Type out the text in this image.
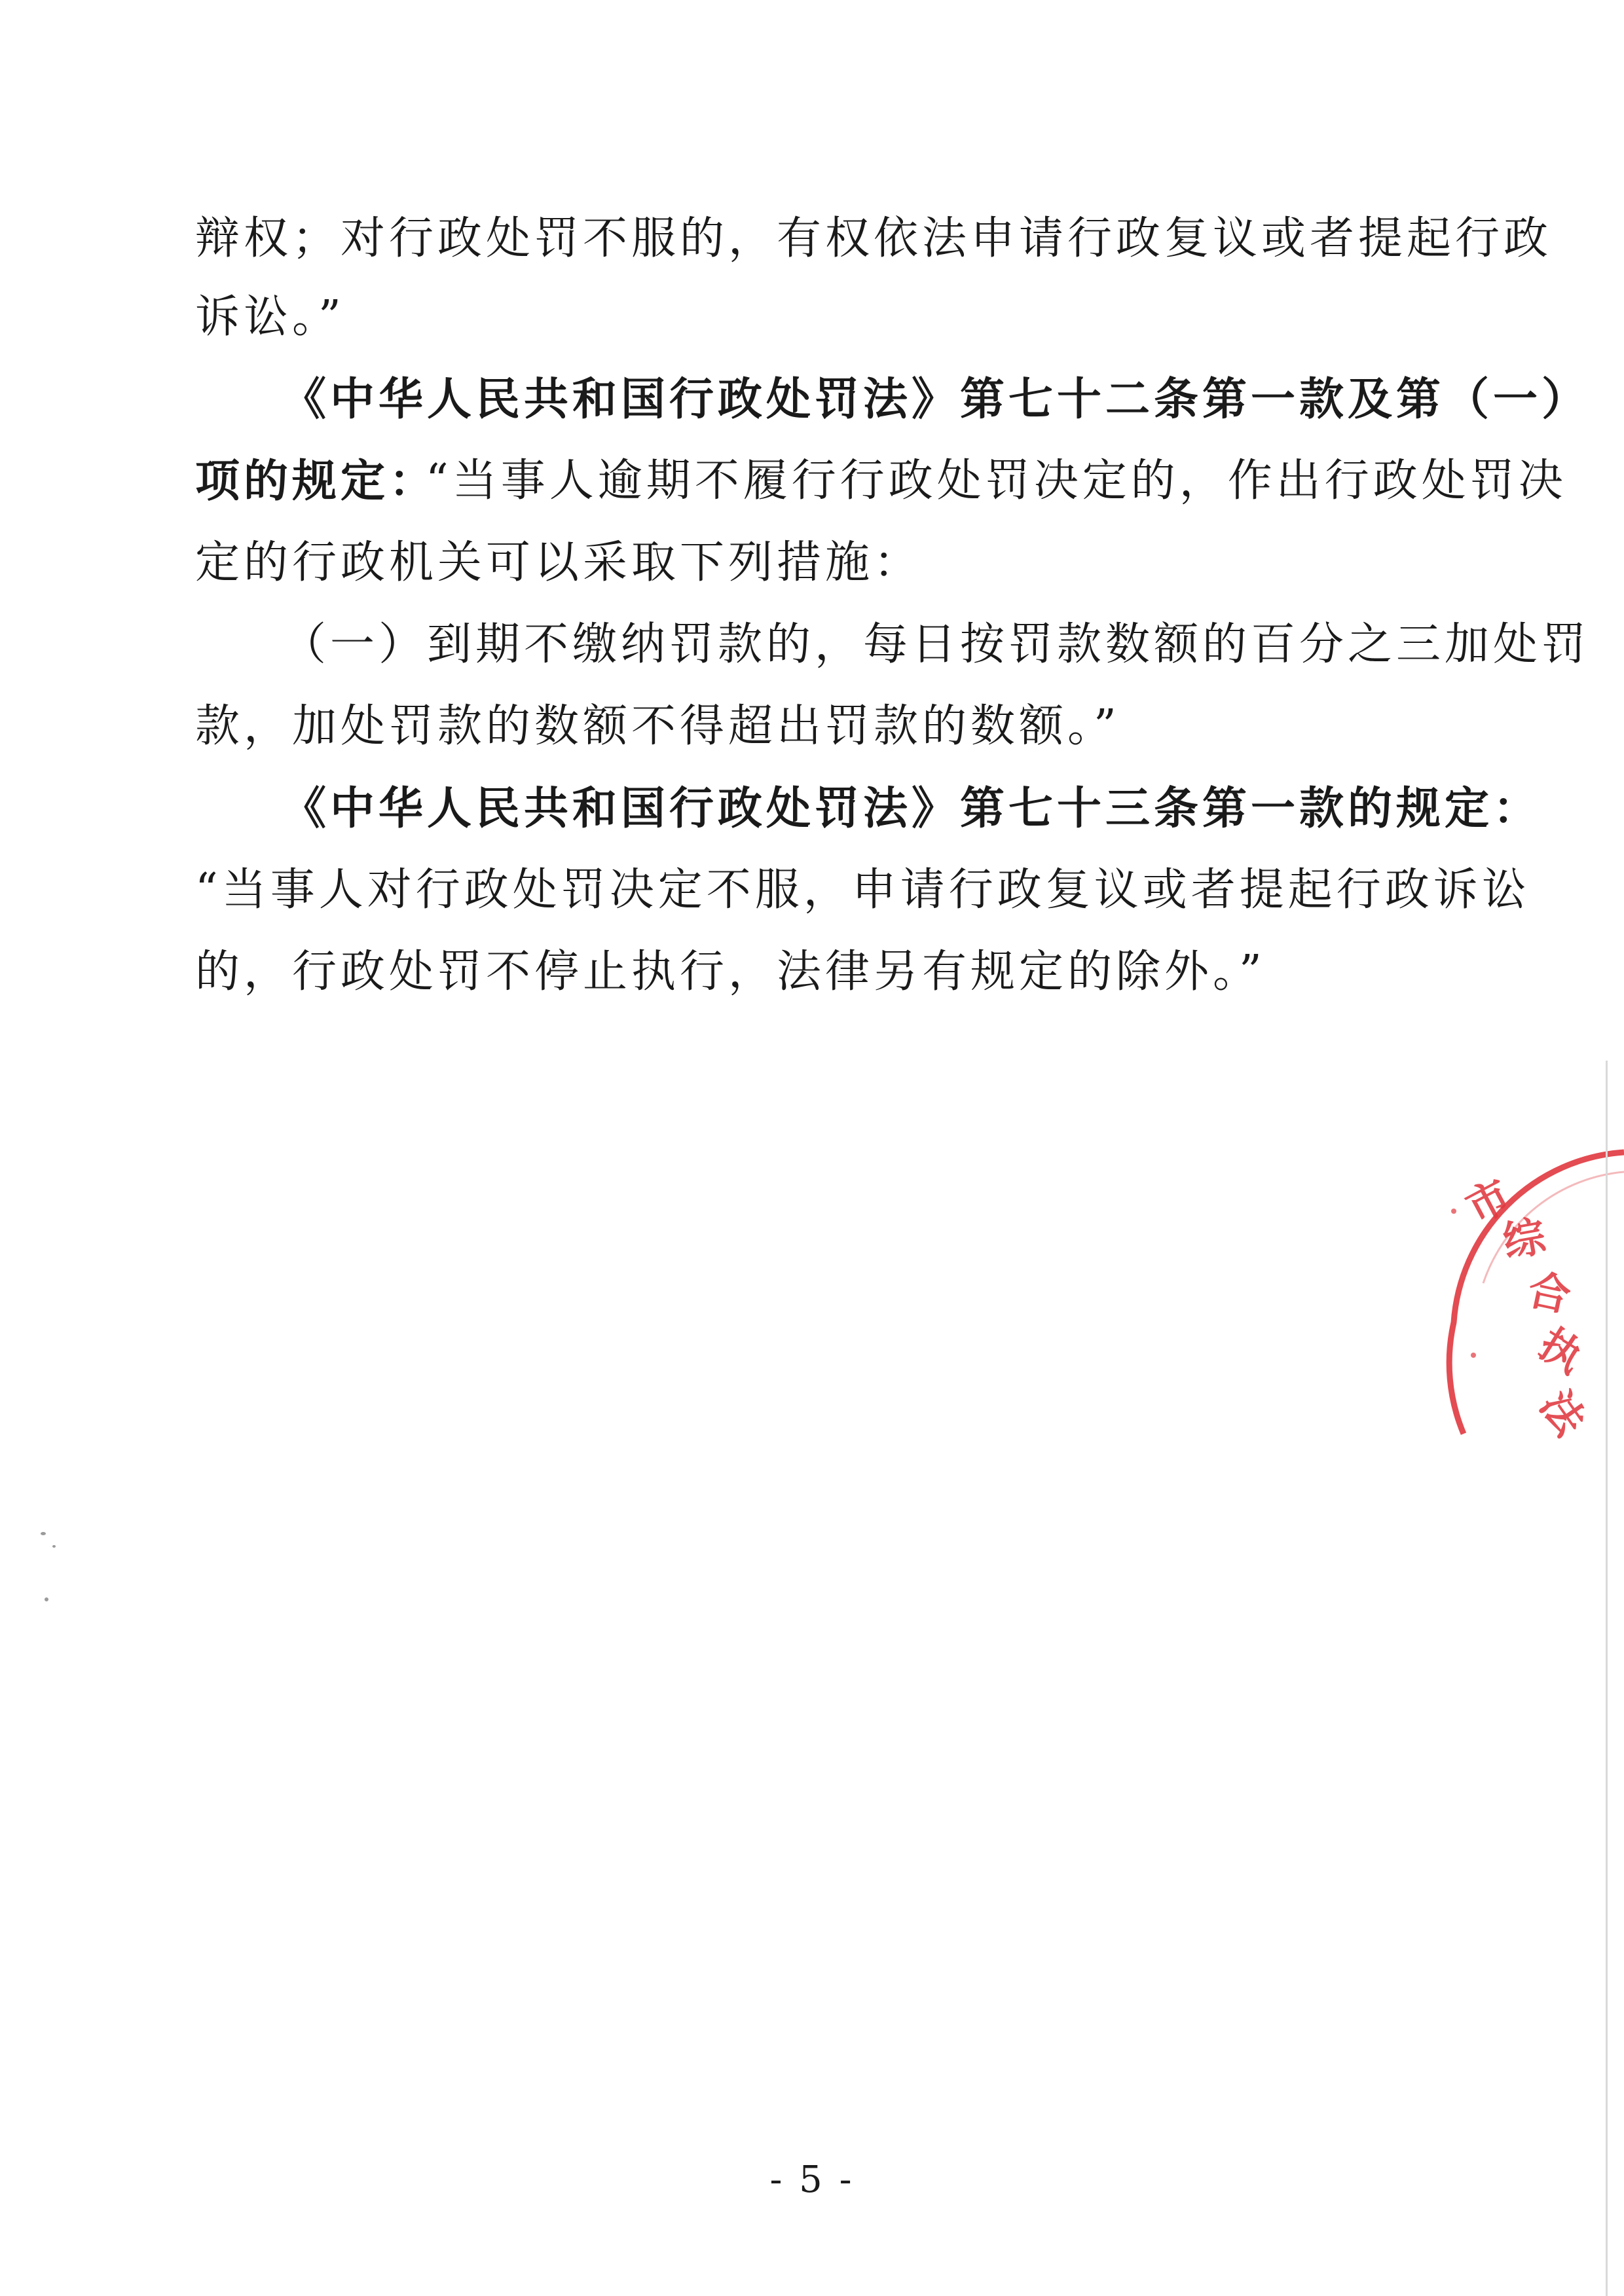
辩权；对行政处罚不服的，有权依法申请行政复议或者提起行政
诉讼。”
《中华人民共和国行政处罚法》第七十二条第一款及第（一）
项的规定：
“当事人逾期不履行行政处罚决定的，作出行政处罚决
定的行政机关可以采取下列措施：
（一）到期不缴纳罚款的，每日按罚款数额的百分之三加处罚
款，加处罚款的数额不得超出罚款的数额。”
《中华人民共和国行政处罚法》第七十三条第一款的规定：
“当事人对行政处罚决定不服，申请行政复议或者提起行政诉讼
的，行政处罚不停止执行，法律另有规定的除外。”
市
综
合
执
法
- 5 -
